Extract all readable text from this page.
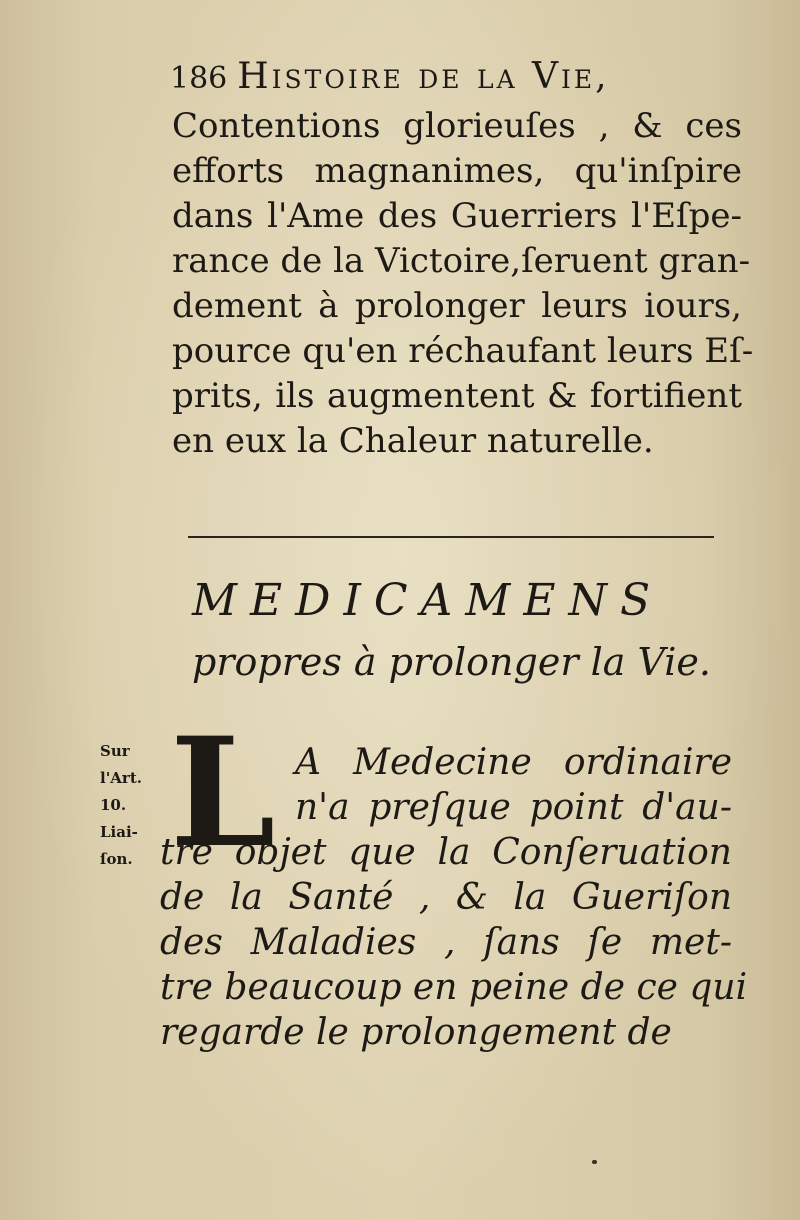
186 Histoire de la Vie,
Contentions glorieuſes , & ces
efforts magnanimes, qu'inſpire
dans l'Ame des Guerriers l'Eſpe-
rance de la Victoire,ſeruent gran-
dement à prolonger leurs iours,
pource qu'en réchaufant leurs Eſ-
prits, ils augmentent & fortifient
en eux la Chaleur naturelle.
MEDICAMENS
propres à prolonger la Vie.
Sur
l'Art.
10.
Liai-
ſon. L A Medecine ordinaire
n'a preſque point d'au-
tre objet que la Conſeruation
de la Santé , & la Gueriſon
des Maladies , ſans ſe met-
tre beaucoup en peine de ce qui
regarde le prolongement de
